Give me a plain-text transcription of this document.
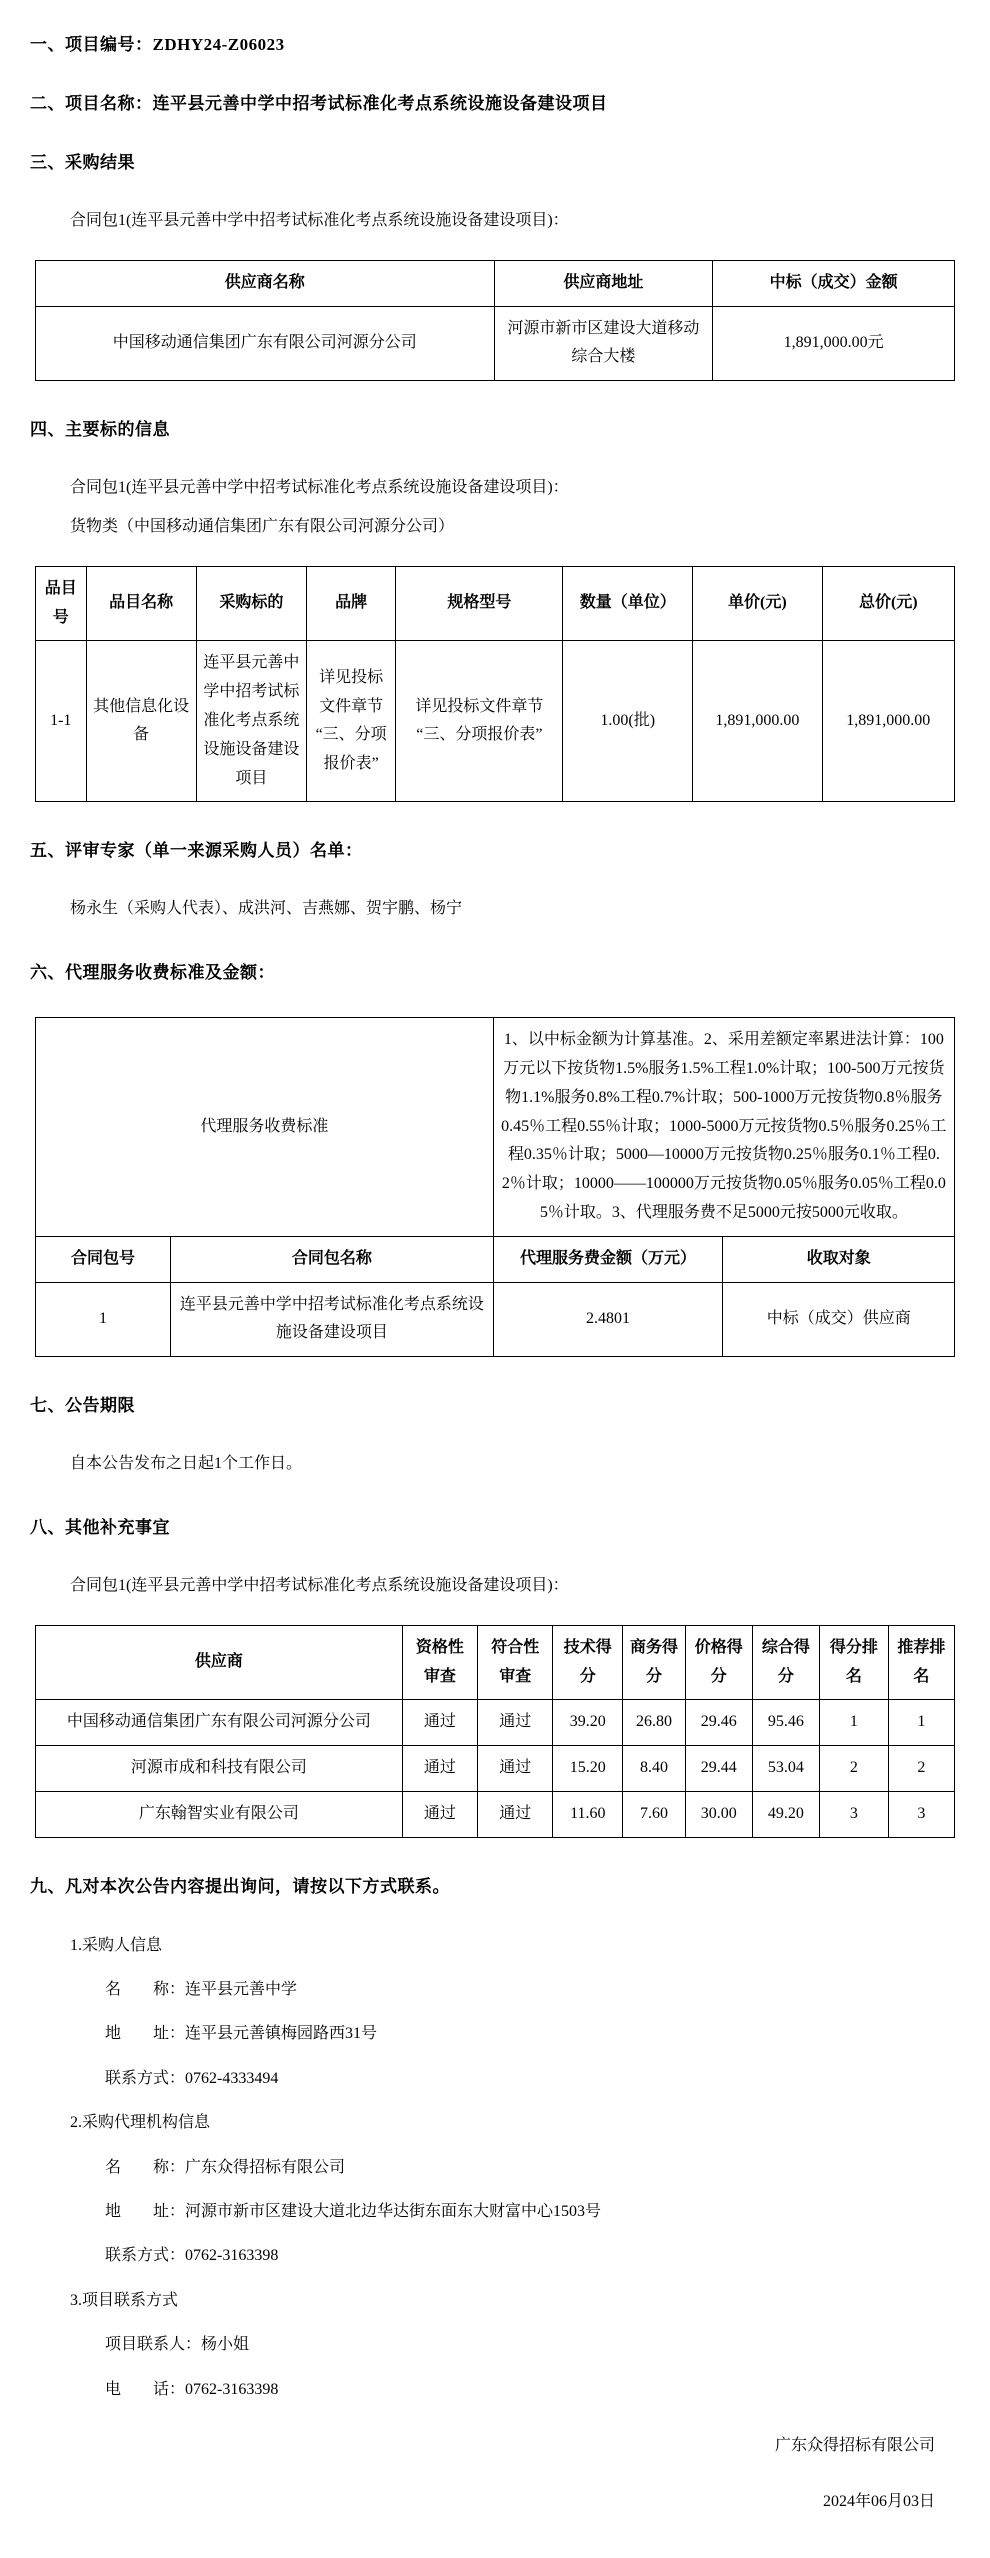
一、项目编号：ZDHY24-Z06023
二、项目名称：连平县元善中学中招考试标准化考点系统设施设备建设项目
三、采购结果
合同包1(连平县元善中学中招考试标准化考点系统设施设备建设项目)：
供应商名称	供应商地址	中标（成交）金额
中国移动通信集团广东有限公司河源分公司	河源市新市区建设大道移动综合大楼	1,891,000.00元
四、主要标的信息
合同包1(连平县元善中学中招考试标准化考点系统设施设备建设项目)：
货物类（中国移动通信集团广东有限公司河源分公司）
品目号	品目名称	采购标的	品牌	规格型号	数量（单位）	单价(元)	总价(元)
1-1	其他信息化设备	连平县元善中学中招考试标准化考点系统设施设备建设项目	详见投标文件章节“三、分项报价表”	详见投标文件章节“三、分项报价表”	1.00(批)	1,891,000.00	1,891,000.00
五、评审专家（单一来源采购人员）名单：
杨永生（采购人代表）、成洪河、吉燕娜、贺宇鹏、杨宁
六、代理服务收费标准及金额：
代理服务收费标准		1、以中标金额为计算基准。2、采用差额定率累进法计算：100万元以下按货物1.5%服务1.5%工程1.0%计取；100-500万元按货物1.1%服务0.8%工程0.7%计取；500-1000万元按货物0.8％服务0.45％工程0.55％计取；1000-5000万元按货物0.5％服务0.25％工程0.35％计取；5000—10000万元按货物0.25％服务0.1％工程0.2％计取；10000——100000万元按货物0.05％服务0.05％工程0.05％计取。3、代理服务费不足5000元按5000元收取。	
合同包号	合同包名称	代理服务费金额（万元）	收取对象
1	连平县元善中学中招考试标准化考点系统设施设备建设项目	2.4801	中标（成交）供应商
七、公告期限
自本公告发布之日起1个工作日。
八、其他补充事宜
合同包1(连平县元善中学中招考试标准化考点系统设施设备建设项目)：
供应商	资格性审查	符合性审查	技术得分	商务得分	价格得分	综合得分	得分排名	推荐排名
中国移动通信集团广东有限公司河源分公司	通过	通过	39.20	26.80	29.46	95.46	1	1
河源市成和科技有限公司	通过	通过	15.20	8.40	29.44	53.04	2	2
广东翰智实业有限公司	通过	通过	11.60	7.60	30.00	49.20	3	3
九、凡对本次公告内容提出询问，请按以下方式联系。
1.采购人信息
名　　称：连平县元善中学
地　　址：连平县元善镇梅园路西31号
联系方式：0762-4333494
2.采购代理机构信息
名　　称：广东众得招标有限公司
地　　址：河源市新市区建设大道北边华达街东面东大财富中心1503号
联系方式：0762-3163398
3.项目联系方式
项目联系人：杨小姐
电　　话：0762-3163398
广东众得招标有限公司
2024年06月03日
